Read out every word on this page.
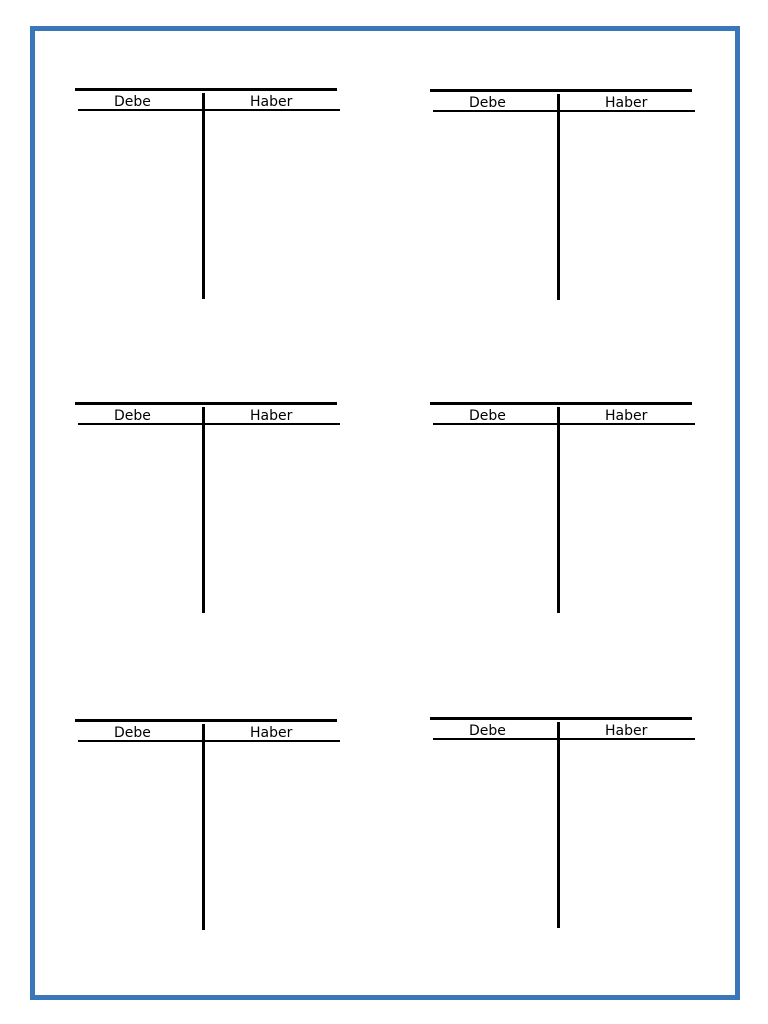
Debe	Haber	Debe	Haber
Debe	Haber	Debe	Haber
Debe	Haber	Debe	Haber
